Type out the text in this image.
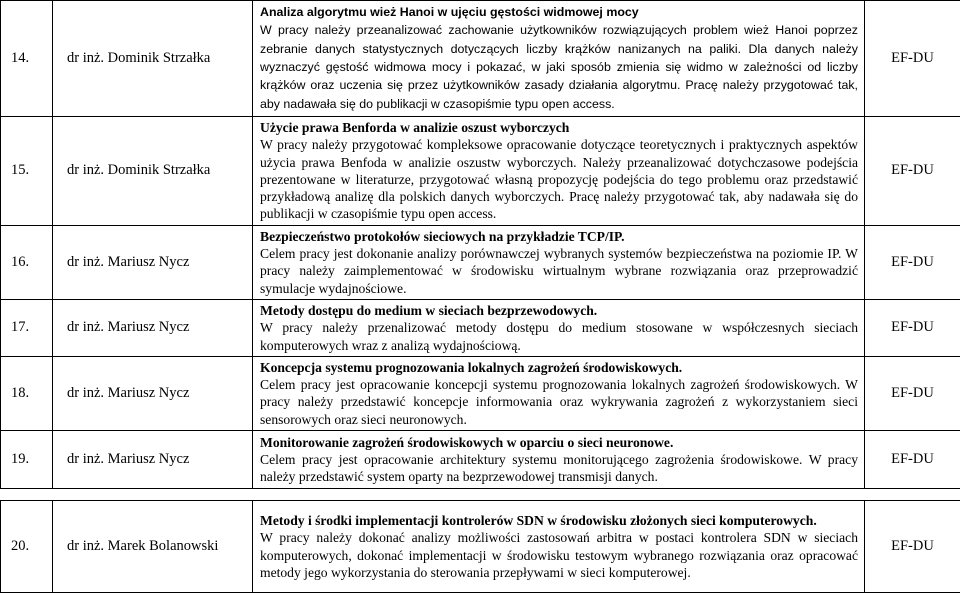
14.	dr inż. Dominik Strzałka	Analiza algorytmu wież Hanoi w ujęciu gęstości widmowej mocy
W pracy należy przeanalizować zachowanie użytkowników rozwiązujących problem wież Hanoi poprzez zebranie danych statystycznych dotyczących liczby krążków nanizanych na paliki. Dla danych należy wyznaczyć gęstość widmowa mocy i pokazać, w jaki sposób zmienia się widmo w zależności od liczby krążków oraz uczenia się przez użytkowników zasady działania algorytmu. Pracę należy przygotować tak, aby nadawała się do publikacji w czasopiśmie typu open access.	EF-DU
15.	dr inż. Dominik Strzałka	Użycie prawa Benforda w analizie oszust wyborczych
W pracy należy przygotować kompleksowe opracowanie dotyczące teoretycznych i praktycznych aspektów użycia prawa Benfoda w analizie oszustw wyborczych. Należy przeanalizować dotychczasowe podejścia prezentowane w literaturze, przygotować własną propozycję podejścia do tego problemu oraz przedstawić przykładową analizę dla polskich danych wyborczych. Pracę należy przygotować tak, aby nadawała się do publikacji w czasopiśmie typu open access.	EF-DU
16.	dr inż. Mariusz Nycz	Bezpieczeństwo protokołów sieciowych na przykładzie TCP/IP.
Celem pracy jest dokonanie analizy porównawczej wybranych systemów bezpieczeństwa na poziomie IP. W pracy należy zaimplementować w środowisku wirtualnym wybrane rozwiązania oraz przeprowadzić symulacje wydajnościowe.	EF-DU
17.	dr inż. Mariusz Nycz	Metody dostępu do medium w sieciach bezprzewodowych.
W pracy należy przenalizować metody dostępu do medium stosowane w współczesnych sieciach komputerowych wraz z analizą wydajnościową.	EF-DU
18.	dr inż. Mariusz Nycz	Koncepcja systemu prognozowania lokalnych zagrożeń środowiskowych.
Celem pracy jest opracowanie koncepcji systemu prognozowania lokalnych zagrożeń środowiskowych. W pracy należy przedstawić koncepcje informowania oraz wykrywania zagrożeń z wykorzystaniem sieci sensorowych oraz sieci neuronowych.	EF-DU
19.	dr inż. Mariusz Nycz	Monitorowanie zagrożeń środowiskowych w oparciu o sieci neuronowe.
Celem pracy jest opracowanie architektury systemu monitorującego zagrożenia środowiskowe. W pracy należy przedstawić system oparty na bezprzewodowej transmisji danych.	EF-DU

20.	dr inż. Marek Bolanowski	Metody i środki implementacji kontrolerów SDN w środowisku złożonych sieci komputerowych.
W pracy należy dokonać analizy możliwości zastosowań arbitra w postaci kontrolera SDN w sieciach komputerowych, dokonać implementacji w środowisku testowym wybranego rozwiązania oraz opracować metody jego wykorzystania do sterowania przepływami w sieci komputerowej.	EF-DU
